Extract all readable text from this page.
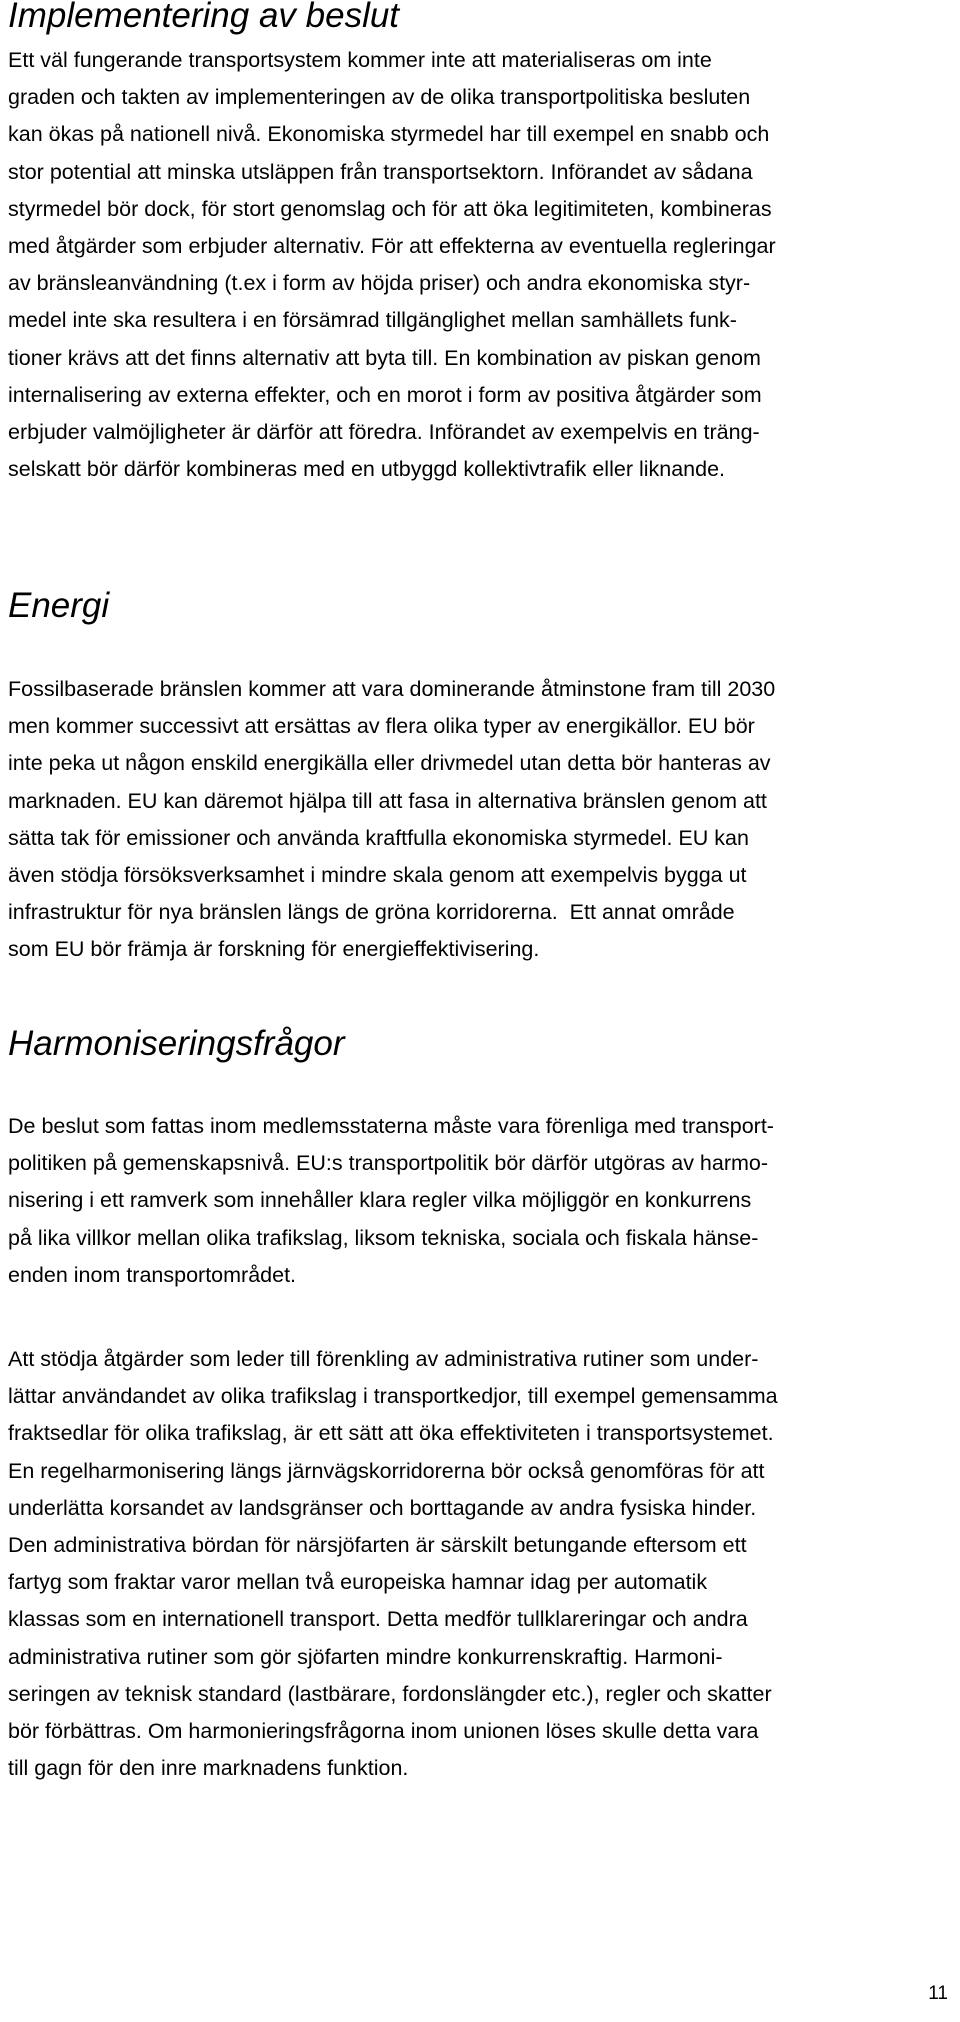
Implementering av beslut

Ett väl fungerande transportsystem kommer inte att materialiseras om inte
graden och takten av implementeringen av de olika transportpolitiska besluten
kan ökas på nationell nivå. Ekonomiska styrmedel har till exempel en snabb och
stor potential att minska utsläppen från transportsektorn. Införandet av sådana
styrmedel bör dock, för stort genomslag och för att öka legitimiteten, kombineras
med åtgärder som erbjuder alternativ. För att effekterna av eventuella regleringar
av bränsleanvändning (t.ex i form av höjda priser) och andra ekonomiska styr-
medel inte ska resultera i en försämrad tillgänglighet mellan samhällets funk-
tioner krävs att det finns alternativ att byta till. En kombination av piskan genom
internalisering av externa effekter, och en morot i form av positiva åtgärder som
erbjuder valmöjligheter är därför att föredra. Införandet av exempelvis en träng-
selskatt bör därför kombineras med en utbyggd kollektivtrafik eller liknande.

Energi

Fossilbaserade bränslen kommer att vara dominerande åtminstone fram till 2030
men kommer successivt att ersättas av flera olika typer av energikällor. EU bör
inte peka ut någon enskild energikälla eller drivmedel utan detta bör hanteras av
marknaden. EU kan däremot hjälpa till att fasa in alternativa bränslen genom att
sätta tak för emissioner och använda kraftfulla ekonomiska styrmedel. EU kan
även stödja försöksverksamhet i mindre skala genom att exempelvis bygga ut
infrastruktur för nya bränslen längs de gröna korridorerna.  Ett annat område
som EU bör främja är forskning för energieffektivisering.

Harmoniseringsfrågor

De beslut som fattas inom medlemsstaterna måste vara förenliga med transport-
politiken på gemenskapsnivå. EU:s transportpolitik bör därför utgöras av harmo-
nisering i ett ramverk som innehåller klara regler vilka möjliggör en konkurrens
på lika villkor mellan olika trafikslag, liksom tekniska, sociala och fiskala hänse-
enden inom transportområdet.

Att stödja åtgärder som leder till förenkling av administrativa rutiner som under-
lättar användandet av olika trafikslag i transportkedjor, till exempel gemensamma
fraktsedlar för olika trafikslag, är ett sätt att öka effektiviteten i transportsystemet.
En regelharmonisering längs järnvägskorridorerna bör också genomföras för att
underlätta korsandet av landsgränser och borttagande av andra fysiska hinder.
Den administrativa bördan för närsjöfarten är särskilt betungande eftersom ett
fartyg som fraktar varor mellan två europeiska hamnar idag per automatik
klassas som en internationell transport. Detta medför tullklareringar och andra
administrativa rutiner som gör sjöfarten mindre konkurrenskraftig. Harmoni-
seringen av teknisk standard (lastbärare, fordonslängder etc.), regler och skatter
bör förbättras. Om harmonieringsfrågorna inom unionen löses skulle detta vara
till gagn för den inre marknadens funktion.

11
